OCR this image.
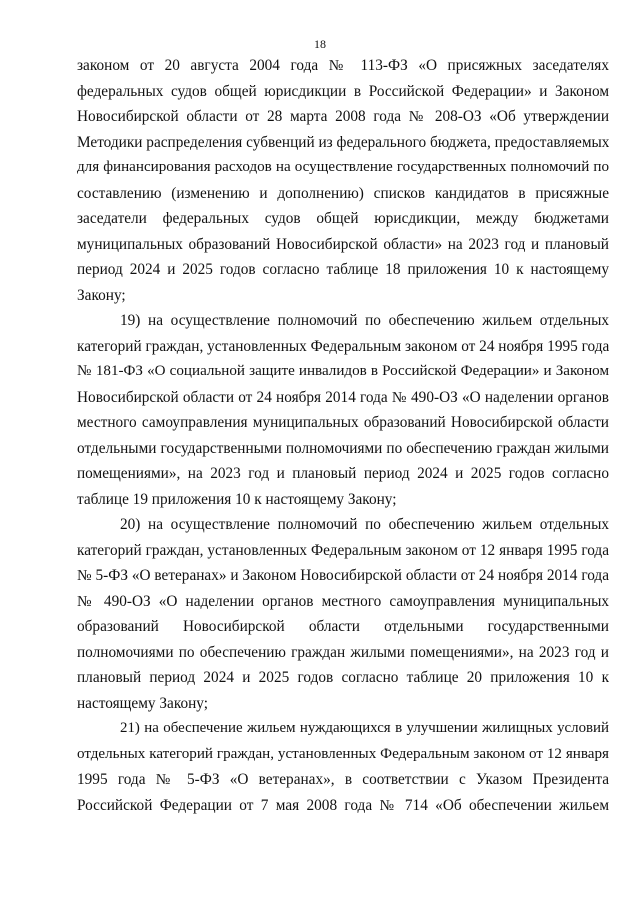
18
законом от 20 августа 2004 года № 113-ФЗ «О присяжных заседателях
федеральных судов общей юрисдикции в Российской Федерации» и Законом
Новосибирской области от 28 марта 2008 года № 208-ОЗ «Об утверждении
Методики распределения субвенций из федерального бюджета, предоставляемых
для финансирования расходов на осуществление государственных полномочий по
составлению (изменению и дополнению) списков кандидатов в присяжные
заседатели федеральных судов общей юрисдикции, между бюджетами
муниципальных образований Новосибирской области» на 2023 год и плановый
период 2024 и 2025 годов согласно таблице 18 приложения 10 к настоящему
Закону;
19) на осуществление полномочий по обеспечению жильем отдельных
категорий граждан, установленных Федеральным законом от 24 ноября 1995 года
№ 181-ФЗ «О социальной защите инвалидов в Российской Федерации» и Законом
Новосибирской области от 24 ноября 2014 года № 490-ОЗ «О наделении органов
местного самоуправления муниципальных образований Новосибирской области
отдельными государственными полномочиями по обеспечению граждан жилыми
помещениями», на 2023 год и плановый период 2024 и 2025 годов согласно
таблице 19 приложения 10 к настоящему Закону;
20) на осуществление полномочий по обеспечению жильем отдельных
категорий граждан, установленных Федеральным законом от 12 января 1995 года
№ 5-ФЗ «О ветеранах» и Законом Новосибирской области от 24 ноября 2014 года
№ 490-ОЗ «О наделении органов местного самоуправления муниципальных
образований Новосибирской области отдельными государственными
полномочиями по обеспечению граждан жилыми помещениями», на 2023 год и
плановый период 2024 и 2025 годов согласно таблице 20 приложения 10 к
настоящему Закону;
21) на обеспечение жильем нуждающихся в улучшении жилищных условий
отдельных категорий граждан, установленных Федеральным законом от 12 января
1995 года № 5-ФЗ «О ветеранах», в соответствии с Указом Президента
Российской Федерации от 7 мая 2008 года № 714 «Об обеспечении жильем
